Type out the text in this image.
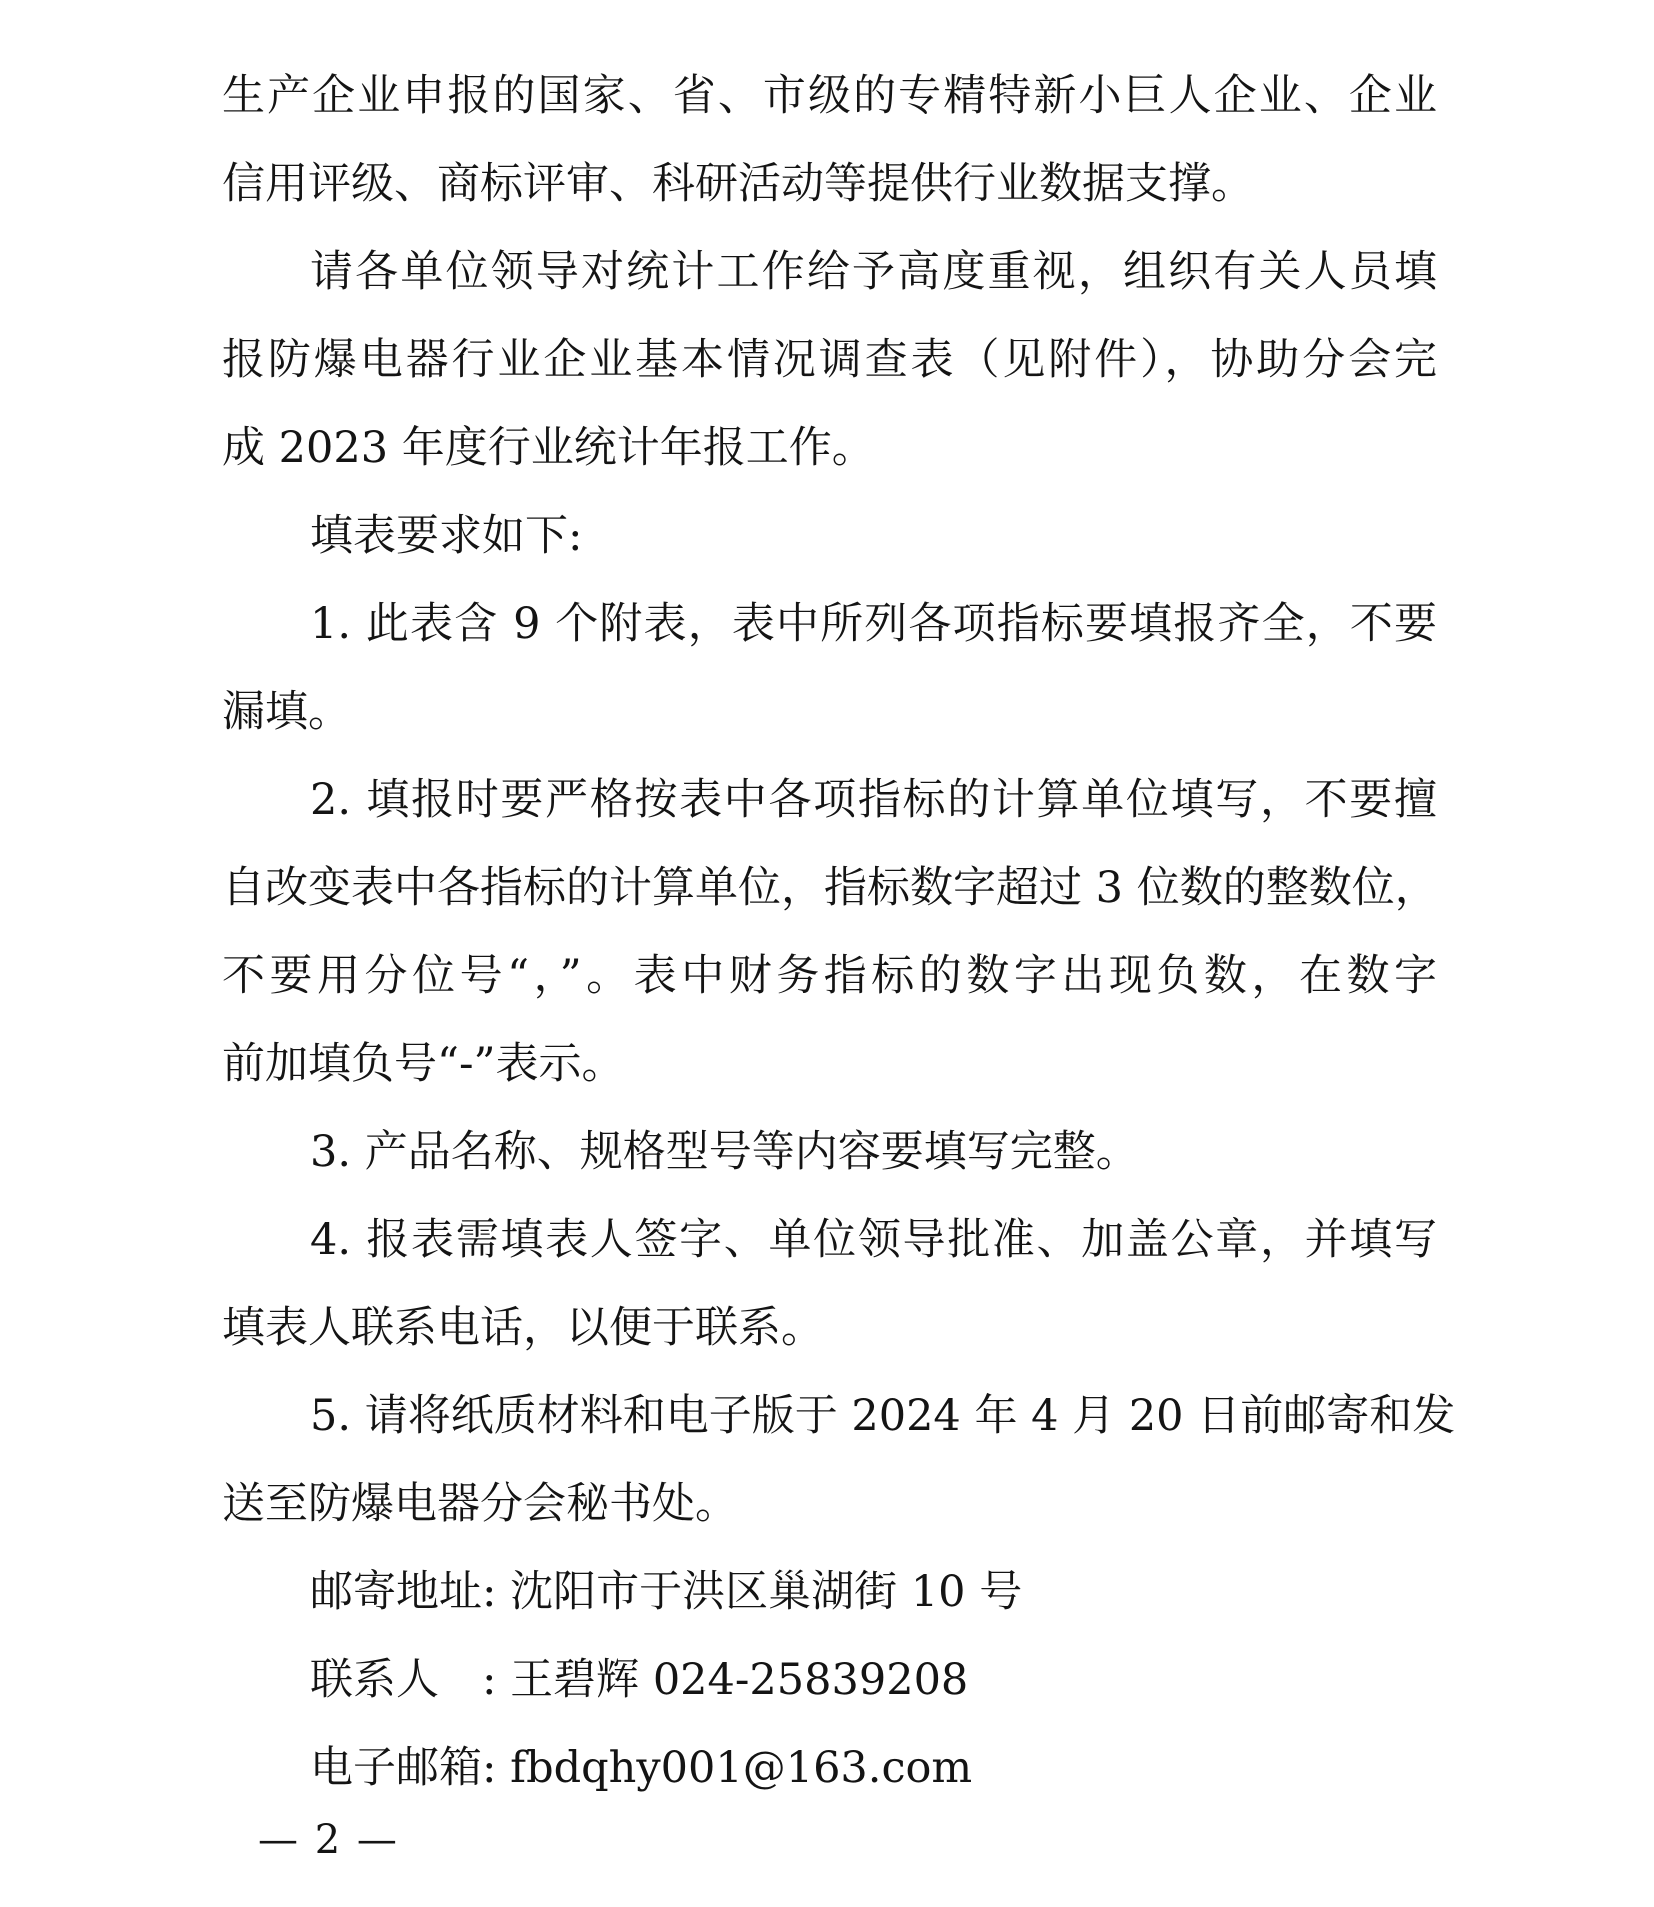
生产企业申报的国家、省、市级的专精特新小巨人企业、企业
信用评级、商标评审、科研活动等提供行业数据支撑。
请各单位领导对统计工作给予高度重视，组织有关人员填
报防爆电器行业企业基本情况调查表（见附件），协助分会完
成 2023 年度行业统计年报工作。
填表要求如下:
1. 此表含 9 个附表，表中所列各项指标要填报齐全，不要
漏填。
2. 填报时要严格按表中各项指标的计算单位填写，不要擅
自改变表中各指标的计算单位，指标数字超过 3 位数的整数位，
不要用分位号“，”。表中财务指标的数字出现负数，在数字
前加填负号“-”表示。
3. 产品名称、规格型号等内容要填写完整。
4. 报表需填表人签字、单位领导批准、加盖公章，并填写
填表人联系电话，以便于联系。
5. 请将纸质材料和电子版于 2024 年 4 月 20 日前邮寄和发
送至防爆电器分会秘书处。
邮寄地址: 沈阳市于洪区巢湖街 10 号
联系人　: 王碧辉 024-25839208
电子邮箱: fbdqhy001@163.com
— 2 —
